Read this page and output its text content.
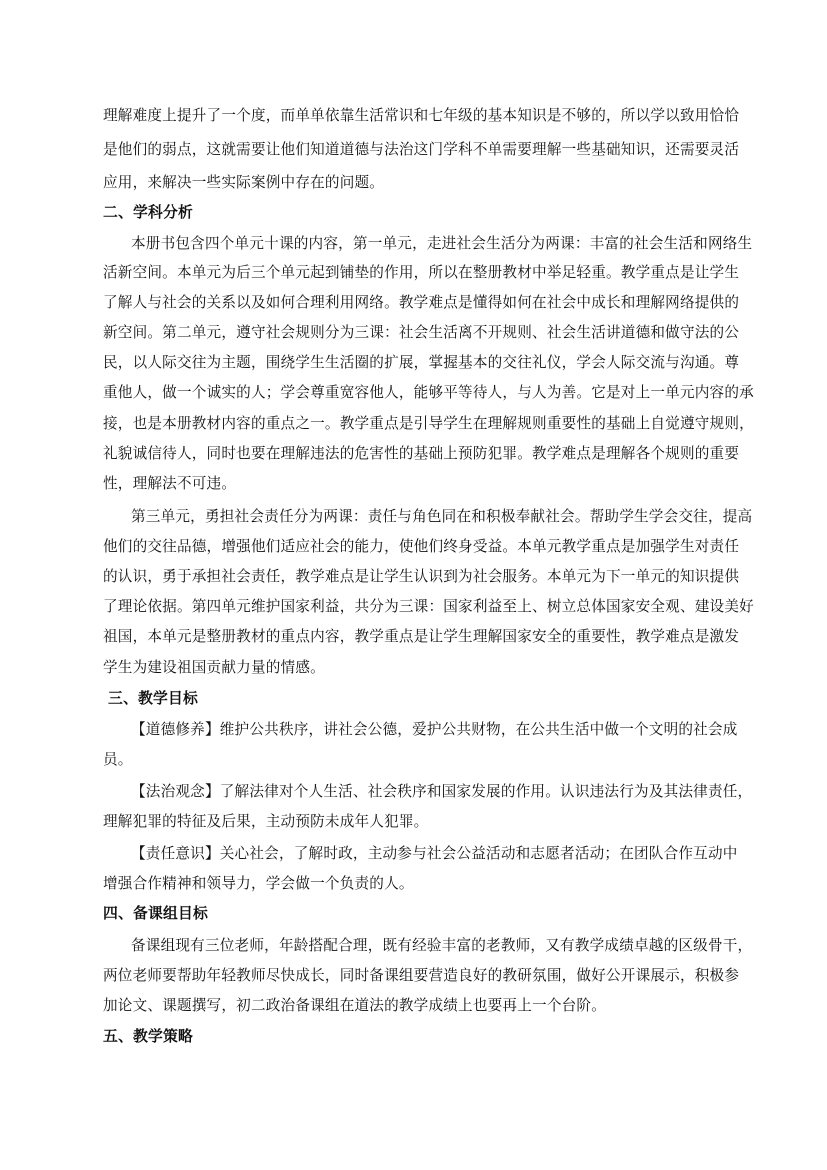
理解难度上提升了一个度，而单单依靠生活常识和七年级的基本知识是不够的，所以学以致用恰恰

是他们的弱点，这就需要让他们知道道德与法治这门学科不单需要理解一些基础知识，还需要灵活

应用，来解决一些实际案例中存在的问题。

二、学科分析

本册书包含四个单元十课的内容，第一单元，走进社会生活分为两课：丰富的社会生活和网络生

活新空间。本单元为后三个单元起到铺垫的作用，所以在整册教材中举足轻重。教学重点是让学生

了解人与社会的关系以及如何合理利用网络。教学难点是懂得如何在社会中成长和理解网络提供的

新空间。第二单元，遵守社会规则分为三课：社会生活离不开规则、社会生活讲道德和做守法的公

民，以人际交往为主题，围绕学生生活圈的扩展，掌握基本的交往礼仪，学会人际交流与沟通。尊

重他人，做一个诚实的人；学会尊重宽容他人，能够平等待人，与人为善。它是对上一单元内容的承

接，也是本册教材内容的重点之一。教学重点是引导学生在理解规则重要性的基础上自觉遵守规则，

礼貌诚信待人，同时也要在理解违法的危害性的基础上预防犯罪。教学难点是理解各个规则的重要

性，理解法不可违。

第三单元，勇担社会责任分为两课：责任与角色同在和积极奉献社会。帮助学生学会交往，提高

他们的交往品德，增强他们适应社会的能力，使他们终身受益。本单元教学重点是加强学生对责任

的认识，勇于承担社会责任，教学难点是让学生认识到为社会服务。本单元为下一单元的知识提供

了理论依据。第四单元维护国家利益，共分为三课：国家利益至上、树立总体国家安全观、建设美好

祖国，本单元是整册教材的重点内容，教学重点是让学生理解国家安全的重要性，教学难点是激发

学生为建设祖国贡献力量的情感。

三、教学目标

【道德修养】维护公共秩序，讲社会公德，爱护公共财物，在公共生活中做一个文明的社会成

员。

【法治观念】了解法律对个人生活、社会秩序和国家发展的作用。认识违法行为及其法律责任，

理解犯罪的特征及后果，主动预防未成年人犯罪。

【责任意识】关心社会，了解时政，主动参与社会公益活动和志愿者活动；在团队合作互动中

增强合作精神和领导力，学会做一个负责的人。

四、备课组目标

备课组现有三位老师，年龄搭配合理，既有经验丰富的老教师，又有教学成绩卓越的区级骨干，

两位老师要帮助年轻教师尽快成长，同时备课组要营造良好的教研氛围，做好公开课展示，积极参

加论文、课题撰写，初二政治备课组在道法的教学成绩上也要再上一个台阶。

五、教学策略
